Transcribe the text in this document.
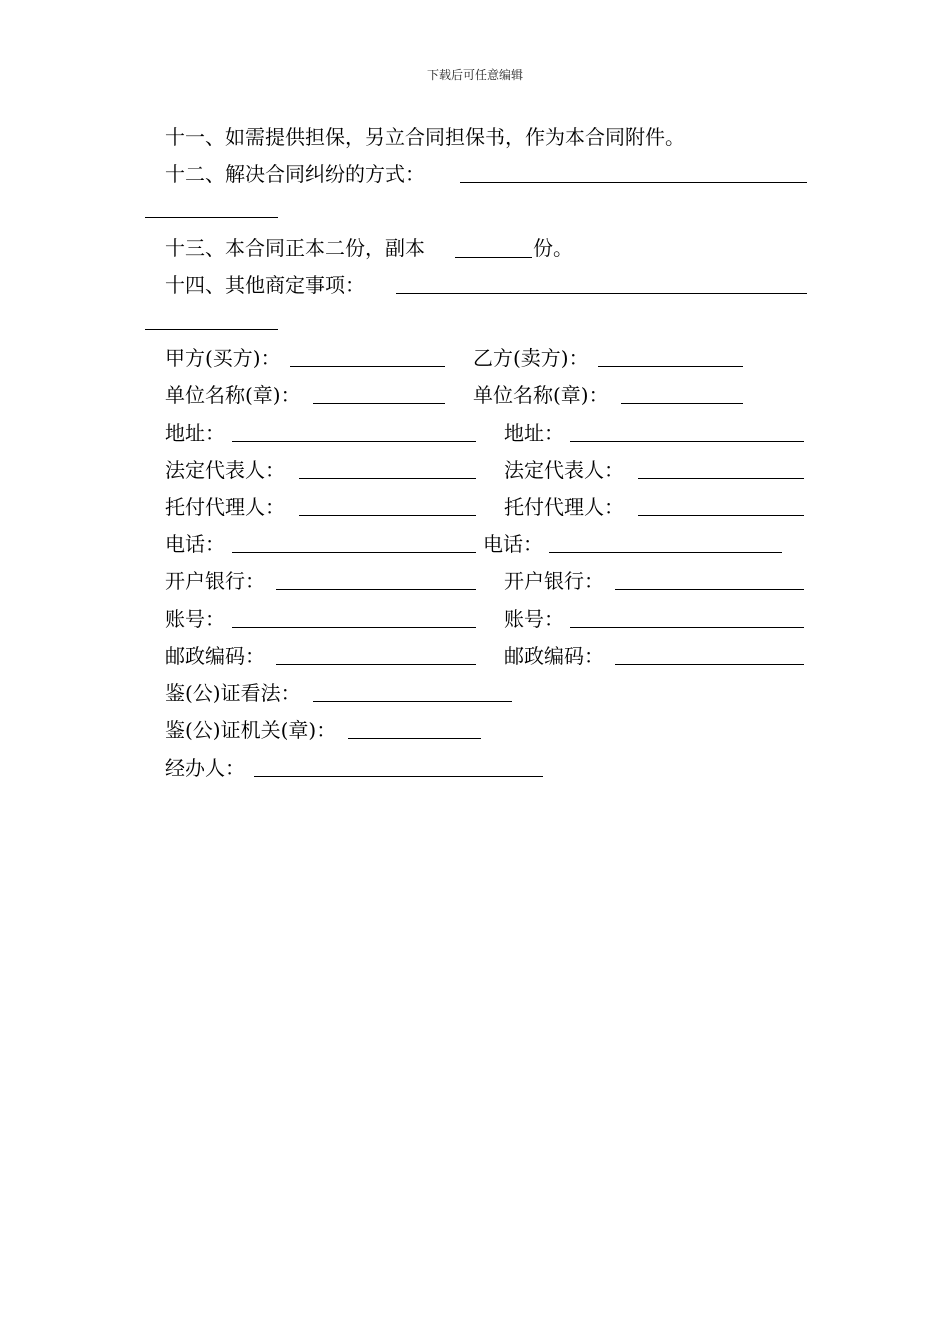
下载后可任意编辑
十一、如需提供担保，另立合同担保书，作为本合同附件。
十二、解决合同纠纷的方式：
十三、本合同正本二份，副本	份。
十四、其他商定事项：
甲方(买方)：	乙方(卖方)：
单位名称(章)：	单位名称(章)：
地址：	地址：
法定代表人：	法定代表人：
托付代理人：	托付代理人：
电话：	电话：
开户银行：	开户银行：
账号：	账号：
邮政编码：	邮政编码：
鉴(公)证看法：
鉴(公)证机关(章)：
经办人：
